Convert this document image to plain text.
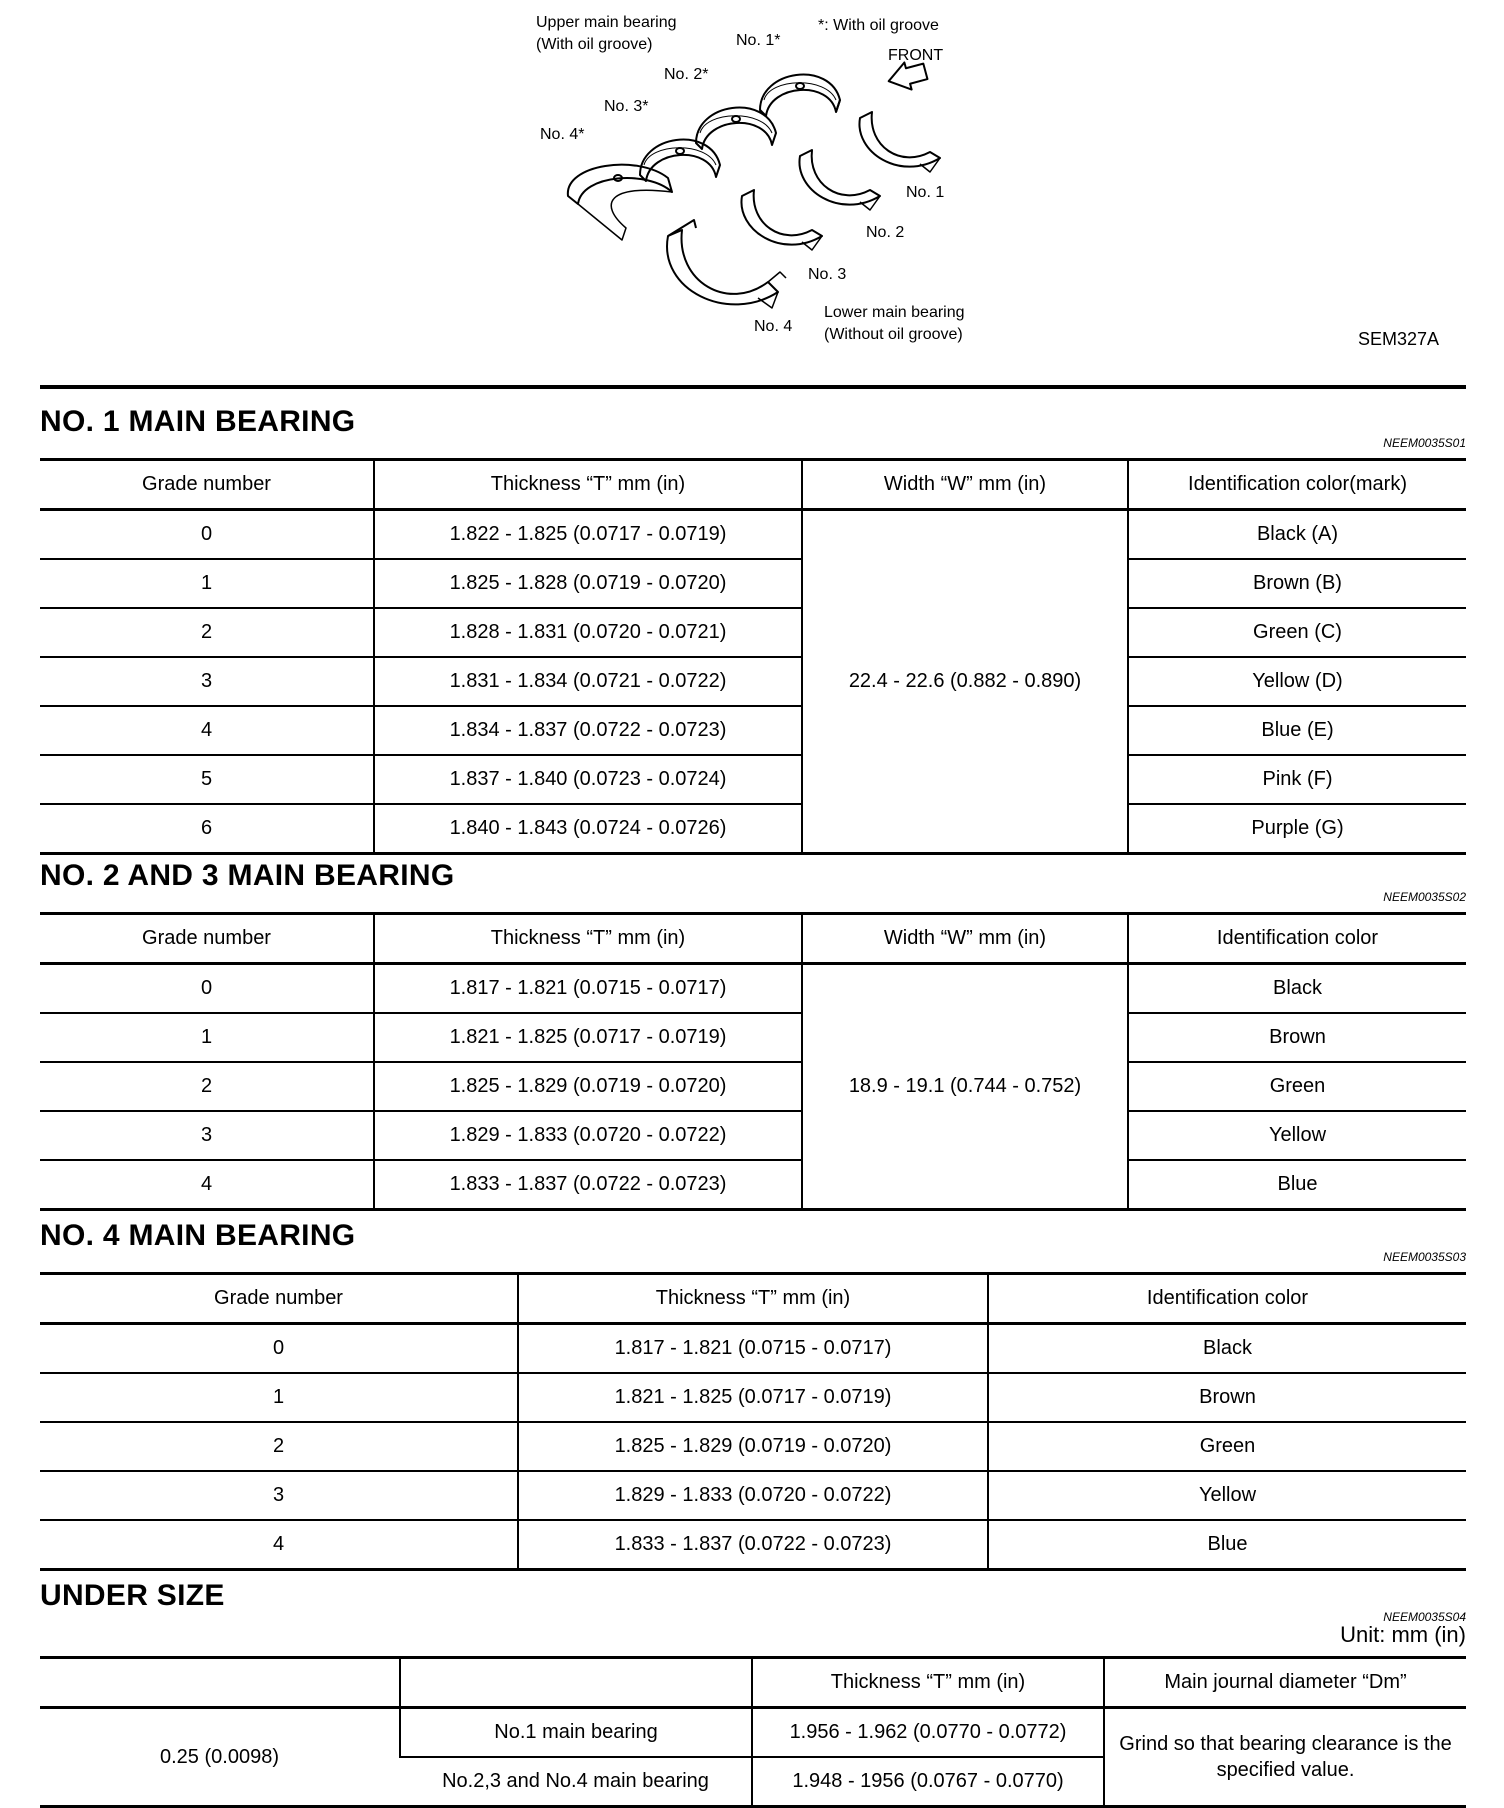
Upper main bearing
(With oil groove)
*: With oil groove
FRONT
No. 1*
No. 2*
No. 3*
No. 4*
No. 1
No. 2
No. 3
No. 4
Lower main bearing
(Without oil groove)	SEM327A
NO. 1 MAIN BEARING
NEEM0035S01
Grade number	Thickness “T” mm (in)	Width “W” mm (in)	Identification color(mark)
0	1.822 - 1.825 (0.0717 - 0.0719)	22.4 - 22.6 (0.882 - 0.890)	Black (A)
1	1.825 - 1.828 (0.0719 - 0.0720)		Brown (B)
2	1.828 - 1.831 (0.0720 - 0.0721)		Green (C)
3	1.831 - 1.834 (0.0721 - 0.0722)		Yellow (D)
4	1.834 - 1.837 (0.0722 - 0.0723)		Blue (E)
5	1.837 - 1.840 (0.0723 - 0.0724)		Pink (F)
6	1.840 - 1.843 (0.0724 - 0.0726)		Purple (G)
NO. 2 AND 3 MAIN BEARING
NEEM0035S02
Grade number	Thickness “T” mm (in)	Width “W” mm (in)	Identification color
0	1.817 - 1.821 (0.0715 - 0.0717)	18.9 - 19.1 (0.744 - 0.752)	Black
1	1.821 - 1.825 (0.0717 - 0.0719)		Brown
2	1.825 - 1.829 (0.0719 - 0.0720)		Green
3	1.829 - 1.833 (0.0720 - 0.0722)		Yellow
4	1.833 - 1.837 (0.0722 - 0.0723)		Blue
NO. 4 MAIN BEARING
NEEM0035S03
Grade number	Thickness “T” mm (in)	Identification color
0	1.817 - 1.821 (0.0715 - 0.0717)	Black
1	1.821 - 1.825 (0.0717 - 0.0719)	Brown
2	1.825 - 1.829 (0.0719 - 0.0720)	Green
3	1.829 - 1.833 (0.0720 - 0.0722)	Yellow
4	1.833 - 1.837 (0.0722 - 0.0723)	Blue
UNDER SIZE
NEEM0035S04
Unit: mm (in)
		Thickness “T” mm (in)	Main journal diameter “Dm”
0.25 (0.0098)	No.1 main bearing	1.956 - 1.962 (0.0770 - 0.0772)	Grind so that bearing clearance is the specified value.
	No.2,3 and No.4 main bearing	1.948 - 1956 (0.0767 - 0.0770)	
